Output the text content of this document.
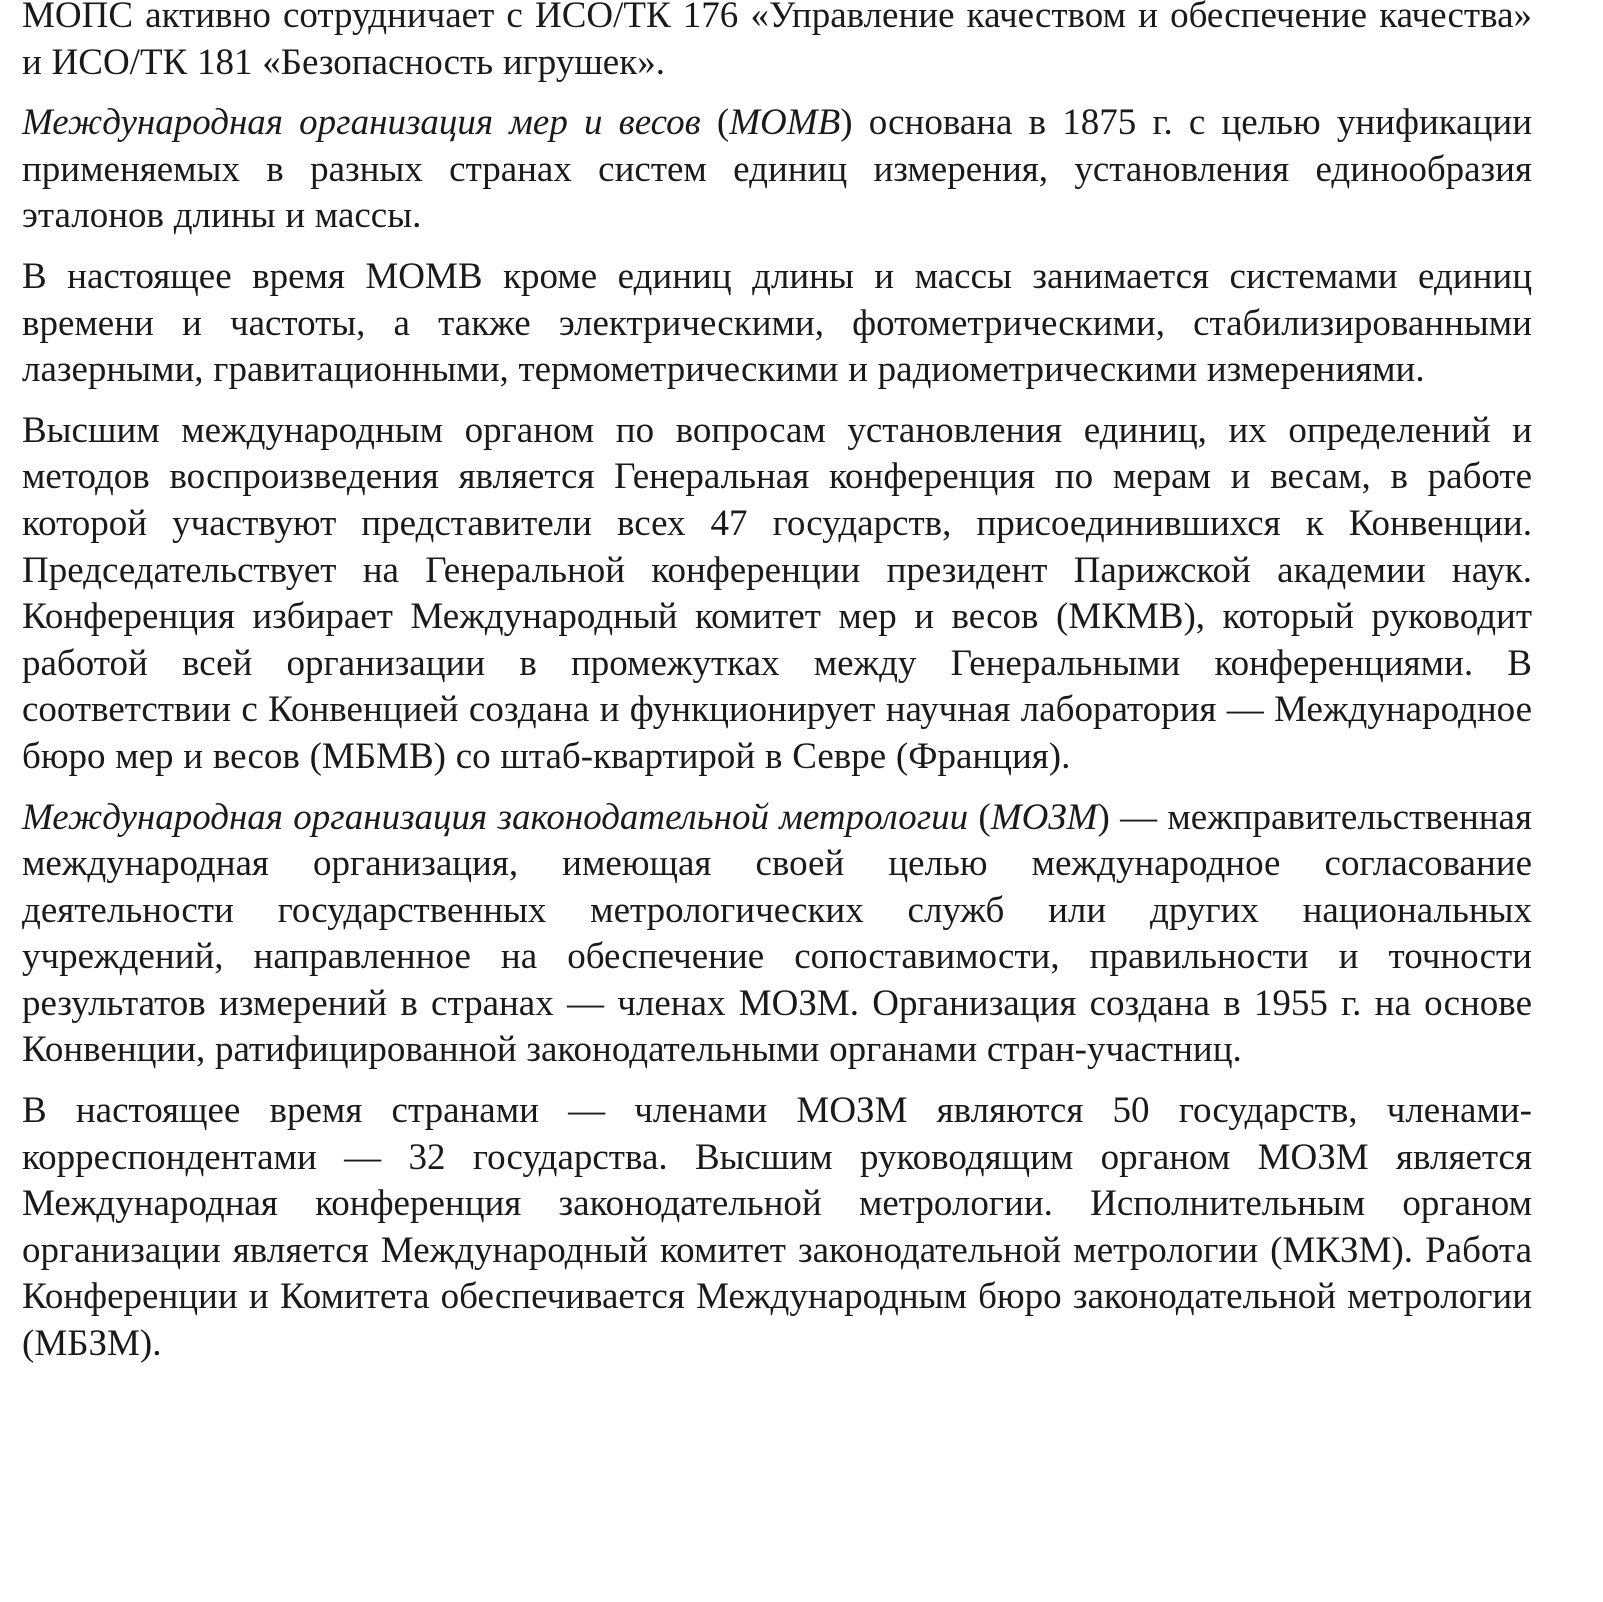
МОПС активно сотрудничает с ИСО/ТК 176 «Управление качеством и обеспечение качества» и ИСО/ТК 181 «Безопасность игрушек».

Международная организация мер и весов (МОМВ) основана в 1875 г. с целью унификации применяемых в разных странах систем единиц измерения, установления единообразия эталонов длины и массы.

В настоящее время МОМВ кроме единиц длины и массы занимается системами единиц времени и частоты, а также электрическими, фотометрическими, стабилизированными лазерными, гравитационными, термометрическими и радиометрическими измерениями.

Высшим международным органом по вопросам установления единиц, их определений и методов воспроизведения является Генеральная конференция по мерам и весам, в работе которой участвуют представители всех 47 государств, присоединившихся к Конвенции. Председательствует на Генеральной конференции президент Парижской академии наук. Конференция избирает Международный комитет мер и весов (МКМВ), который руководит работой всей организации в промежутках между Генеральными конференциями. В соответствии с Конвенцией создана и функционирует научная лаборатория — Международное бюро мер и весов (МБМВ) со штаб-квартирой в Севре (Франция).

Международная организация законодательной метрологии (МОЗМ) — межправительственная международная организация, имеющая своей целью международное согласование деятельности государственных метрологических служб или других национальных учреждений, направленное на обеспечение сопоставимости, правильности и точности результатов измерений в странах — членах МОЗМ. Организация создана в 1955 г. на основе Конвенции, ратифицированной законодательными органами стран-участниц.

В настоящее время странами — членами МОЗМ являются 50 государств, членами-корреспондентами — 32 государства. Высшим руководящим органом МОЗМ является Международная конференция законодательной метрологии. Исполнительным органом организации является Международный комитет законодательной метрологии (МКЗМ). Работа Конференции и Комитета обеспечивается Международным бюро законодательной метрологии (МБЗМ).
